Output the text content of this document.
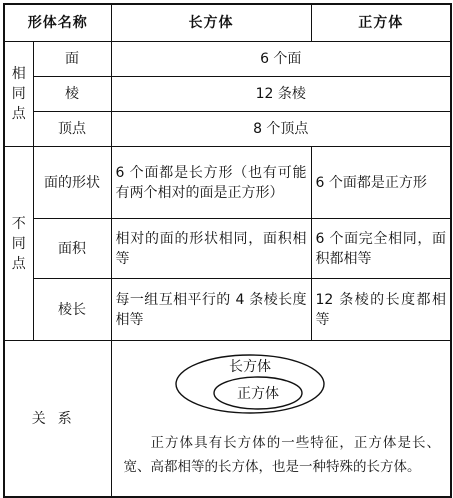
形体名称		长方体	正方体

相
同
点	面	6 个面	
	棱	12 条棱	
	顶点	8 个顶点	

不
同
点	面的形状	6 个面都是长方形（也有可能有两个相对的面是正方形）	6 个面都是正方形
	面积	相对的面的形状相同，面积相等	6 个面完全相同，面积都相等
	棱长	每一组互相平行的 4 条棱长度相等	12 条棱的长度都相等
关系		长方体
正方体
正方体具有长方体的一些特征，正方体是长、宽、高都相等的长方体，也是一种特殊的长方体。	
